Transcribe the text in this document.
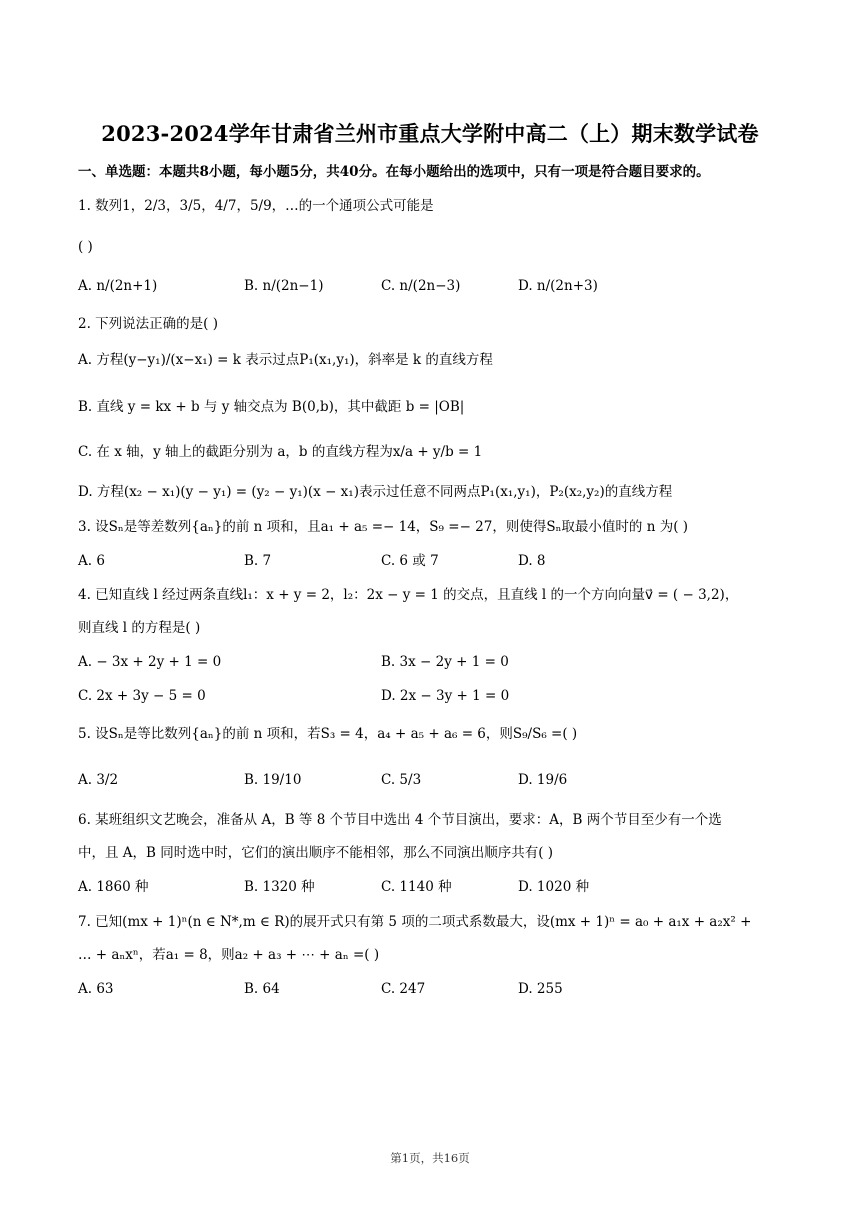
2023-2024学年甘肃省兰州市重点大学附中高二（上）期末数学试卷
一、单选题：本题共8小题，每小题5分，共40分。在每小题给出的选项中，只有一项是符合题目要求的。
1. 数列1，2/3，3/5，4/7，5/9，…的一个通项公式可能是
( )
A. n/(2n+1)	B. n/(2n−1)	C. n/(2n−3)	D. n/(2n+3)
2. 下列说法正确的是( )
A. 方程(y−y₁)/(x−x₁) = k 表示过点P₁(x₁,y₁)，斜率是 k 的直线方程
B. 直线 y = kx + b 与 y 轴交点为 B(0,b)，其中截距 b = |OB|
C. 在 x 轴，y 轴上的截距分别为 a，b 的直线方程为x/a + y/b = 1
D. 方程(x₂ − x₁)(y − y₁) = (y₂ − y₁)(x − x₁)表示过任意不同两点P₁(x₁,y₁)，P₂(x₂,y₂)的直线方程
3. 设Sₙ是等差数列{aₙ}的前 n 项和，且a₁ + a₅ =− 14，S₉ =− 27，则使得Sₙ取最小值时的 n 为( )
A. 6	B. 7	C. 6 或 7	D. 8
4. 已知直线 l 经过两条直线l₁：x + y = 2，l₂：2x − y = 1 的交点，且直线 l 的一个方向向量v⃗ = ( − 3,2)，
则直线 l 的方程是( )
A. − 3x + 2y + 1 = 0	B. 3x − 2y + 1 = 0
C. 2x + 3y − 5 = 0	D. 2x − 3y + 1 = 0
5. 设Sₙ是等比数列{aₙ}的前 n 项和，若S₃ = 4，a₄ + a₅ + a₆ = 6，则S₉/S₆ =( )
A. 3/2	B. 19/10	C. 5/3	D. 19/6
6. 某班组织文艺晚会，准备从 A，B 等 8 个节目中选出 4 个节目演出，要求：A，B 两个节目至少有一个选
中，且 A，B 同时选中时，它们的演出顺序不能相邻，那么不同演出顺序共有( )
A. 1860 种	B. 1320 种	C. 1140 种	D. 1020 种
7. 已知(mx + 1)ⁿ(n ∈ N*,m ∈ R)的展开式只有第 5 项的二项式系数最大，设(mx + 1)ⁿ = a₀ + a₁x + a₂x² +
… + aₙxⁿ，若a₁ = 8，则a₂ + a₃ + ⋯ + aₙ =( )
A. 63	B. 64	C. 247	D. 255
第1页，共16页
